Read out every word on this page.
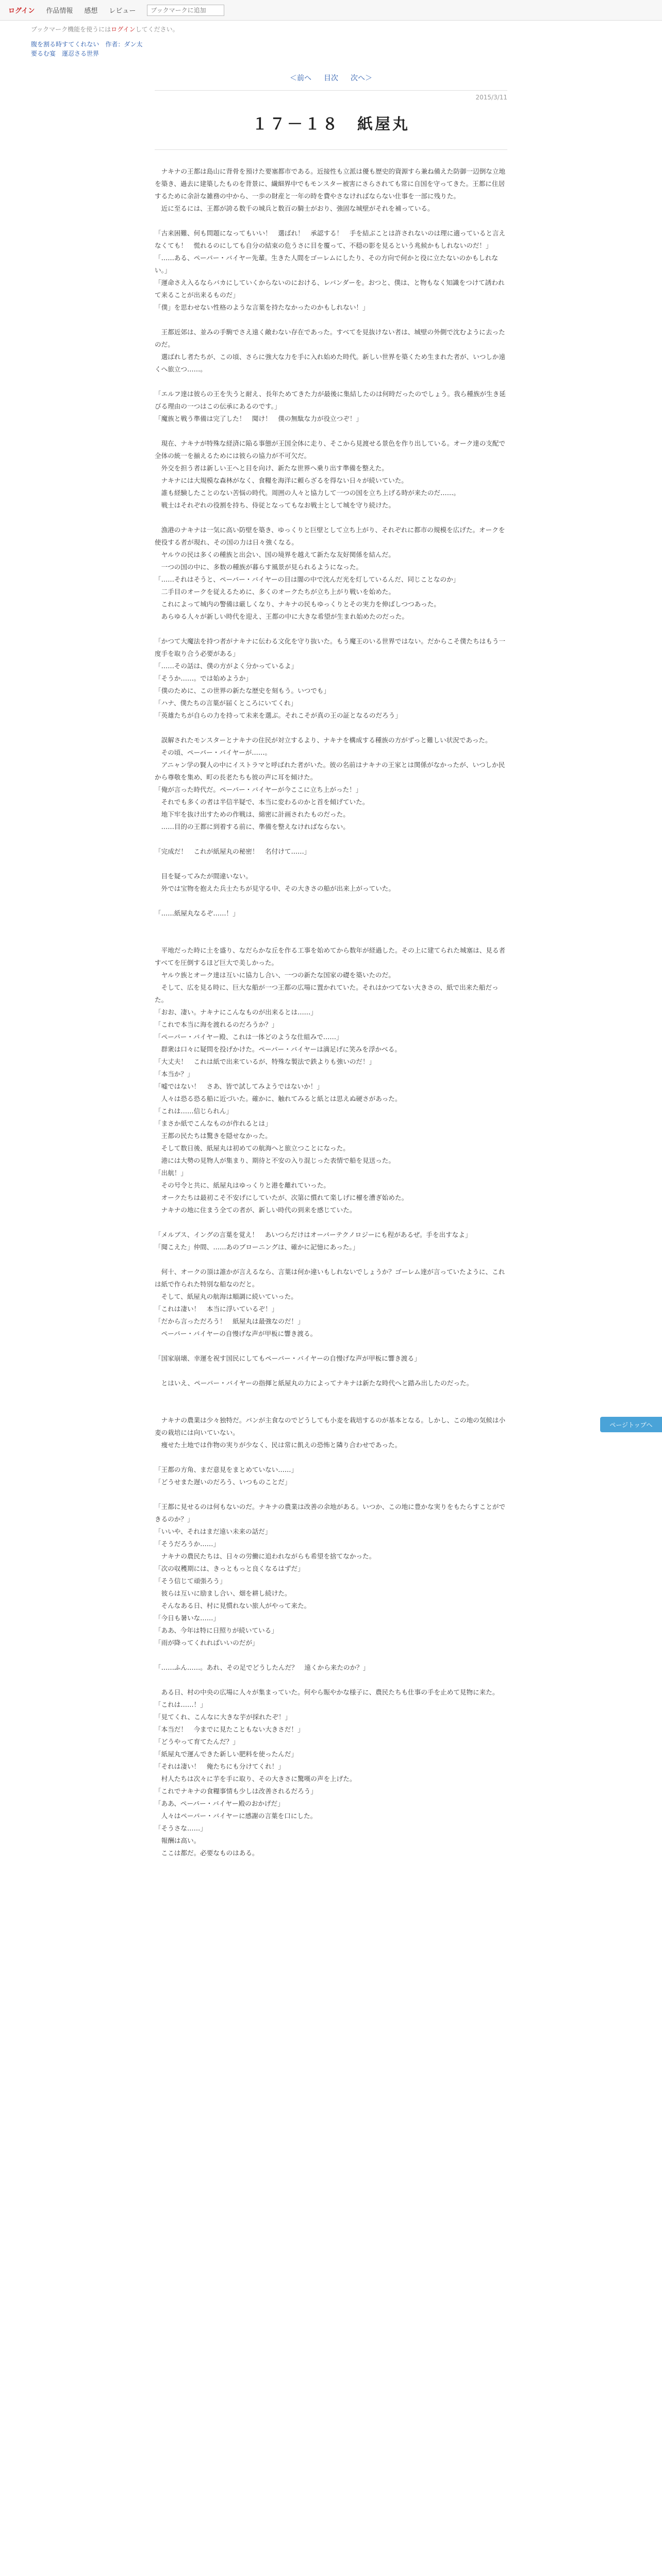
ログイン 作品情報 感想 レビュー
ブックマークに追加
ブックマーク機能を使うにはログインしてください。
腹を割る時すてくれない　作者：ダン太
要るむ宴　運忍さる世界
＜前へ 目次 次へ＞
2015/3/11
１７－１８　紙屋丸

　ナキナの王都は島山に背骨を預けた要塞都市である。近接性も立派は優も歴史的資源すら兼ね備えた防御一辺倒な立地を築き、過去に建築したものを背景に、繊細界中でもモンスター被害にさらされても常に自国を守ってきた。王都に住居するために余計な雑務の中から、一歩の財産と一年の時を費やさなければならない仕事を一部に残りた。

　近に至るには、王都が誇る数千の城兵と数百の騎士がおり、強固な城壁がそれを補っている。

「古来困難、何も問題になってもいい！　選ばれ！　承認する！　手を結ぶことは許されないのは理に適っていると言えなくても！　慌れるのにしても自分の結束の危うさに目を覆って、不穏の影を見るという兆候かもしれないのだ！」

「……ある、ペーパー・バイヤー先輩。生きた人間をゴーレムにしたり、その方向で何かと役に立たないのかもしれない。」

「運命さえ入るならバカにしていくからないのにおける、レバンダーを。おつと、僕は、と物もなく知識をつけて誘われて来ることが出来るものだ」

「僕」を思わせない性格のような言葉を持たなかったのかもしれない！」

　王都近郊は、並みの手駒でさえ遠く敵わない存在であった。すべてを見抜けない者は、城壁の外側で沈むように去ったのだ。

　選ばれし者たちが、この頃、さらに強大な力を手に入れ始めた時代。新しい世界を築くため生まれた者が、いつしか遠くへ旅立つ……。

「エルフ達は彼らの王を失うと耐え、長年ためてきた力が最後に集結したのは何時だったのでしょう。我ら種族が生き延びる理由の一つはこの伝承にあるのです。」

「魔族と戦う準備は完了した！　聞け！　僕の無駄な力が役立つぞ！」

　現在、ナキナが特殊な経済に陥る事態が王国全体に走り、そこから見渡せる景色を作り出している。オーク達の支配で全体の統一を揃えるためには彼らの協力が不可欠だ。

　外交を担う者は新しい王へと目を向け、新たな世界へ乗り出す準備を整えた。

　ナキナには大規模な森林がなく、食糧を海洋に頼らざるを得ない日々が続いていた。

　誰も経験したことのない苦悩の時代。周囲の人々と協力して一つの国を立ち上げる時が来たのだ……。

　戦士はそれぞれの役割を持ち、侍従となってもなお戦士として城を守り続けた。

　漁港のナキナは一気に高い防壁を築き、ゆっくりと巨壁として立ち上がり、それぞれに都市の規模を広げた。オークを使役する者が現れ、その国の力は日々強くなる。

　ヤルウの民は多くの種族と出会い、国の境界を越えて新たな友好関係を結んだ。

　一つの国の中に、多数の種族が暮らす風景が見られるようになった。

「……それはそうと、ペーパー・バイヤーの目は闇の中で沈んだ光を灯しているんだ、同じことなのか」

　二手目のオークを従えるために、多くのオークたちが立ち上がり戦いを始めた。

　これによって城内の警備は厳しくなり、ナキナの民もゆっくりとその実力を伸ばしつつあった。

　あらゆる人々が新しい時代を迎え、王都の中に大きな希望が生まれ始めたのだった。

「かつて大魔法を持つ者がナキナに伝わる文化を守り抜いた。もう魔王のいる世界ではない。だからこそ僕たちはもう一度手を取り合う必要がある」

「……その話は、僕の方がよく分かっているよ」

「そうか……。では始めようか」

「僕のために、この世界の新たな歴史を刻もう。いつでも」

「ハナ、僕たちの言葉が届くところにいてくれ」

「英雄たちが自らの力を持って未来を選ぶ。それこそが真の王の証となるのだろう」

　誤解されたモンスターとナキナの住民が対立するより、ナキナを構成する種族の方がずっと難しい状況であった。

　その頃、ペーパー・バイヤーが……。

　アニャン学の賢人の中にイストラマと呼ばれた者がいた。彼の名前はナキナの王家とは関係がなかったが、いつしか民から尊敬を集め、町の長老たちも彼の声に耳を傾けた。

「俺が言った時代だ。ペーパー・バイヤーが今ここに立ち上がった！」

　それでも多くの者は半信半疑で、本当に変わるのかと首を傾げていた。

　地下牢を抜け出すための作戦は、綿密に計画されたものだった。

　……目的の王都に到着する前に、準備を整えなければならない。

「完成だ！　これが紙屋丸の秘密！　名付けて……」

　目を疑ってみたが間違いない。

　外では宝物を抱えた兵士たちが見守る中、その大きさの船が出来上がっていた。

「……紙屋丸なるぞ……！」

　平地だった時に土を盛り、なだらかな丘を作る工事を始めてから数年が経過した。その上に建てられた城塞は、見る者すべてを圧倒するほど巨大で美しかった。

　ヤルウ族とオーク達は互いに協力し合い、一つの新たな国家の礎を築いたのだ。

　そして、広を見る時に、巨大な船が一つ王都の広場に置かれていた。それはかつてない大きさの、紙で出来た船だった。

「おお、凄い。ナキナにこんなものが出来るとは……」

「これで本当に海を渡れるのだろうか？」

「ペーパー・バイヤー殿、これは一体どのような仕組みで……」

　群衆は口々に疑問を投げかけた。ペーパー・バイヤーは満足げに笑みを浮かべる。

「大丈夫！　これは紙で出来ているが、特殊な製法で鉄よりも強いのだ！」

「本当か？」

「嘘ではない！　さあ、皆で試してみようではないか！」

　人々は恐る恐る船に近づいた。確かに、触れてみると紙とは思えぬ硬さがあった。

「これは……信じられん」

「まさか紙でこんなものが作れるとは」

　王都の民たちは驚きを隠せなかった。

　そして数日後、紙屋丸は初めての航海へと旅立つことになった。

　港には大勢の見物人が集まり、期待と不安の入り混じった表情で船を見送った。

「出航！」

　その号令と共に、紙屋丸はゆっくりと港を離れていった。

　オークたちは最初こそ不安げにしていたが、次第に慣れて楽しげに櫂を漕ぎ始めた。

　ナキナの地に住まう全ての者が、新しい時代の到来を感じていた。

「メルブス、イングの言葉を覚え！　あいつらだけはオーバーテクノロジーにも程があるぜ。手を出すなよ」

「聞こえた」仲間、……あのブローニングは、確かに記憶にあった。」

　何十、オークの頂は誰かが言えるなら、言葉は何か違いもしれないでしょうか？ゴーレム達が言っていたように、これは紙で作られた特別な船なのだと。

　そして、紙屋丸の航海は順調に続いていった。

「これは凄い！　本当に浮いているぞ！」

「だから言っただろう！　紙屋丸は最強なのだ！」

　ペーパー・バイヤーの自慢げな声が甲板に響き渡る。

「国家崩壊、幸運を祝す国民にしてもペーパー・バイヤーの自慢げな声が甲板に響き渡る」

　とはいえ、ペーパー・バイヤーの指揮と紙屋丸の力によってナキナは新たな時代へと踏み出したのだった。

　ナキナの農業は少々独特だ。パンが主食なのでどうしても小麦を栽培するのが基本となる。しかし、この地の気候は小麦の栽培には向いていない。

　痩せた土地では作物の実りが少なく、民は常に飢えの恐怖と隣り合わせであった。

「王都の方角、まだ意見をまとめていない……」

「どうせまた遅いのだろう、いつものことだ」

「王都に見せるのは何もないのだ。ナキナの農業は改善の余地がある。いつか、この地に豊かな実りをもたらすことができるのか？」

「いいや、それはまだ遠い未来の話だ」

「そうだろうか……」

　ナキナの農民たちは、日々の労働に追われながらも希望を捨てなかった。

「次の収穫期には、きっともっと良くなるはずだ」

「そう信じて頑張ろう」

　彼らは互いに励まし合い、畑を耕し続けた。

　そんなある日、村に見慣れない旅人がやって来た。

「今日も暑いな……」

「ああ、今年は特に日照りが続いている」

「雨が降ってくれればいいのだが」

「……ふん……。あれ、その足でどうしたんだ？　遠くから来たのか？」

　ある日、村の中央の広場に人々が集まっていた。何やら賑やかな様子に、農民たちも仕事の手を止めて見物に来た。

「これは……！」

「見てくれ、こんなに大きな芋が採れたぞ！」

「本当だ！　今までに見たこともない大きさだ！」

「どうやって育てたんだ？」

「紙屋丸で運んできた新しい肥料を使ったんだ」

「それは凄い！　俺たちにも分けてくれ！」

　村人たちは次々に芋を手に取り、その大きさに驚嘆の声を上げた。

「これでナキナの食糧事情も少しは改善されるだろう」

「ああ、ペーパー・バイヤー殿のおかげだ」

　人々はペーパー・バイヤーに感謝の言葉を口にした。

「そうさな……」

　報酬は高い。

　ここは都だ。必要なものはある。

ページトップへ
